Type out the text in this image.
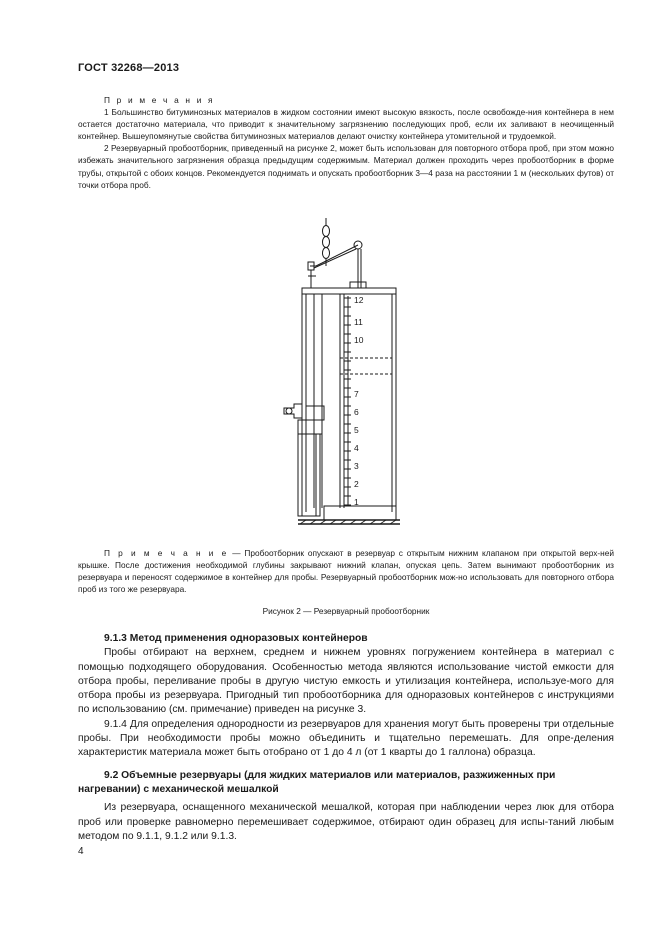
ГОСТ 32268—2013

П р и м е ч а н и я

1 Большинство битуминозных материалов в жидком состоянии имеют высокую вязкость, после освобожде-ния контейнера в нем остается достаточно материала, что приводит к значительному загрязнению последующих проб, если их заливают в неочищенный контейнер. Вышеупомянутые свойства битуминозных материалов делают очистку контейнера утомительной и трудоемкой.

2 Резервуарный пробоотборник, приведенный на рисунке 2, может быть использован для повторного отбора проб, при этом можно избежать значительного загрязнения образца предыдущим содержимым. Материал должен проходить через пробоотборник в форме трубы, открытой с обоих концов. Рекомендуется поднимать и опускать пробоотборник 3—4 раза на расстоянии 1 м (нескольких футов) от точки отбора проб.

12
11
10
7
6
5
4
3
2
1

П р и м е ч а н и е — Пробоотборник опускают в резервуар с открытым нижним клапаном при открытой верх-ней крышке. После достижения необходимой глубины закрывают нижний клапан, опуская цепь. Затем вынимают пробоотборник из резервуара и переносят содержимое в контейнер для пробы. Резервуарный пробоотборник мож-но использовать для повторного отбора проб из того же резервуара.

Рисунок 2 — Резервуарный пробоотборник
9.1.3 Метод применения одноразовых контейнеров

Пробы отбирают на верхнем, среднем и нижнем уровнях погружением контейнера в материал с помощью подходящего оборудования. Особенностью метода являются использование чистой емкости для отбора пробы, переливание пробы в другую чистую емкость и утилизация контейнера, используе-мого для отбора пробы из резервуара. Пригодный тип пробоотборника для одноразовых контейнеров с инструкциями по использованию (см. примечание) приведен на рисунке 3.

9.1.4 Для определения однородности из резервуаров для хранения могут быть проверены три отдельные пробы. При необходимости пробы можно объединить и тщательно перемешать. Для опре-деления характеристик материала может быть отобрано от 1 до 4 л (от 1 кварты до 1 галлона) образца.

9.2 Объемные резервуары (для жидких материалов или материалов, разжиженных при нагревании) с механической мешалкой

Из резервуара, оснащенного механической мешалкой, которая при наблюдении через люк для отбора проб или проверке равномерно перемешивает содержимое, отбирают один образец для испы-таний любым методом по 9.1.1, 9.1.2 или 9.1.3.

4
